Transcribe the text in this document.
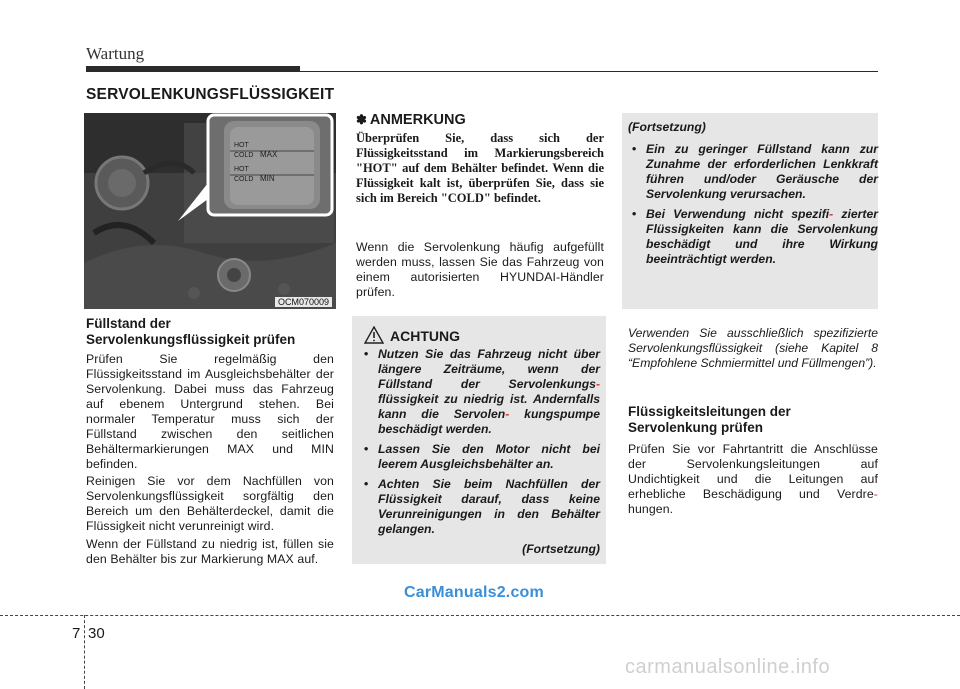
Wartung
SERVOLENKUNGSFLÜSSIGKEIT
HOT
COLD MAX
HOT
COLD MIN
OCM070009
Füllstand der
Servolenkungsflüssigkeit prüfen
Prüfen Sie regelmäßig den Flüssigkeitsstand im Ausgleichsbehälter der Servolenkung. Dabei muss das Fahrzeug auf ebenem Untergrund stehen. Bei normaler Temperatur muss sich der Füllstand zwischen den seitlichen Behältermarkierungen MAX und MIN befinden.
Reinigen Sie vor dem Nachfüllen von Servolenkungsflüssigkeit sorgfältig den Bereich um den Behälterdeckel, damit die Flüssigkeit nicht verunreinigt wird.
Wenn der Füllstand zu niedrig ist, füllen sie den Behälter bis zur Markierung MAX auf.
✽ ANMERKUNG
Überprüfen Sie, dass sich der Flüssigkeitsstand im Markierungsbereich "HOT" auf dem Behälter befindet. Wenn die Flüssigkeit kalt ist, überprüfen Sie, dass sie sich im Bereich "COLD" befindet.
Wenn die Servolenkung häufig aufgefüllt werden muss, lassen Sie das Fahrzeug von einem autorisierten HYUNDAI-Händler prüfen.
ACHTUNG
• Nutzen Sie das Fahrzeug nicht über längere Zeiträume, wenn der Füllstand der Servolenkungs- flüssigkeit zu niedrig ist. Andernfalls kann die Servolen- kungspumpe beschädigt werden.
• Lassen Sie den Motor nicht bei leerem Ausgleichsbehälter an.
• Achten Sie beim Nachfüllen der Flüssigkeit darauf, dass keine Verunreinigungen in den Behälter gelangen.
(Fortsetzung)
(Fortsetzung)
• Ein zu geringer Füllstand kann zur Zunahme der erforderlichen Lenkkraft führen und/oder Geräusche der Servolenkung verursachen.
• Bei Verwendung nicht spezifi- zierter Flüssigkeiten kann die Servolenkung beschädigt und ihre Wirkung beeinträchtigt werden.
Verwenden Sie ausschließlich spezifizierte Servolenkungsflüssigkeit (siehe Kapitel 8 “Empfohlene Schmiermittel und Füllmengen”).
Flüssigkeitsleitungen der
Servolenkung prüfen
Prüfen Sie vor Fahrtantritt die Anschlüsse der Servolenkungsleitungen auf Undichtigkeit und die Leitungen auf erhebliche Beschädigung und Verdre- hungen.
CarManuals2.com
7 30
carmanualsonline.info
